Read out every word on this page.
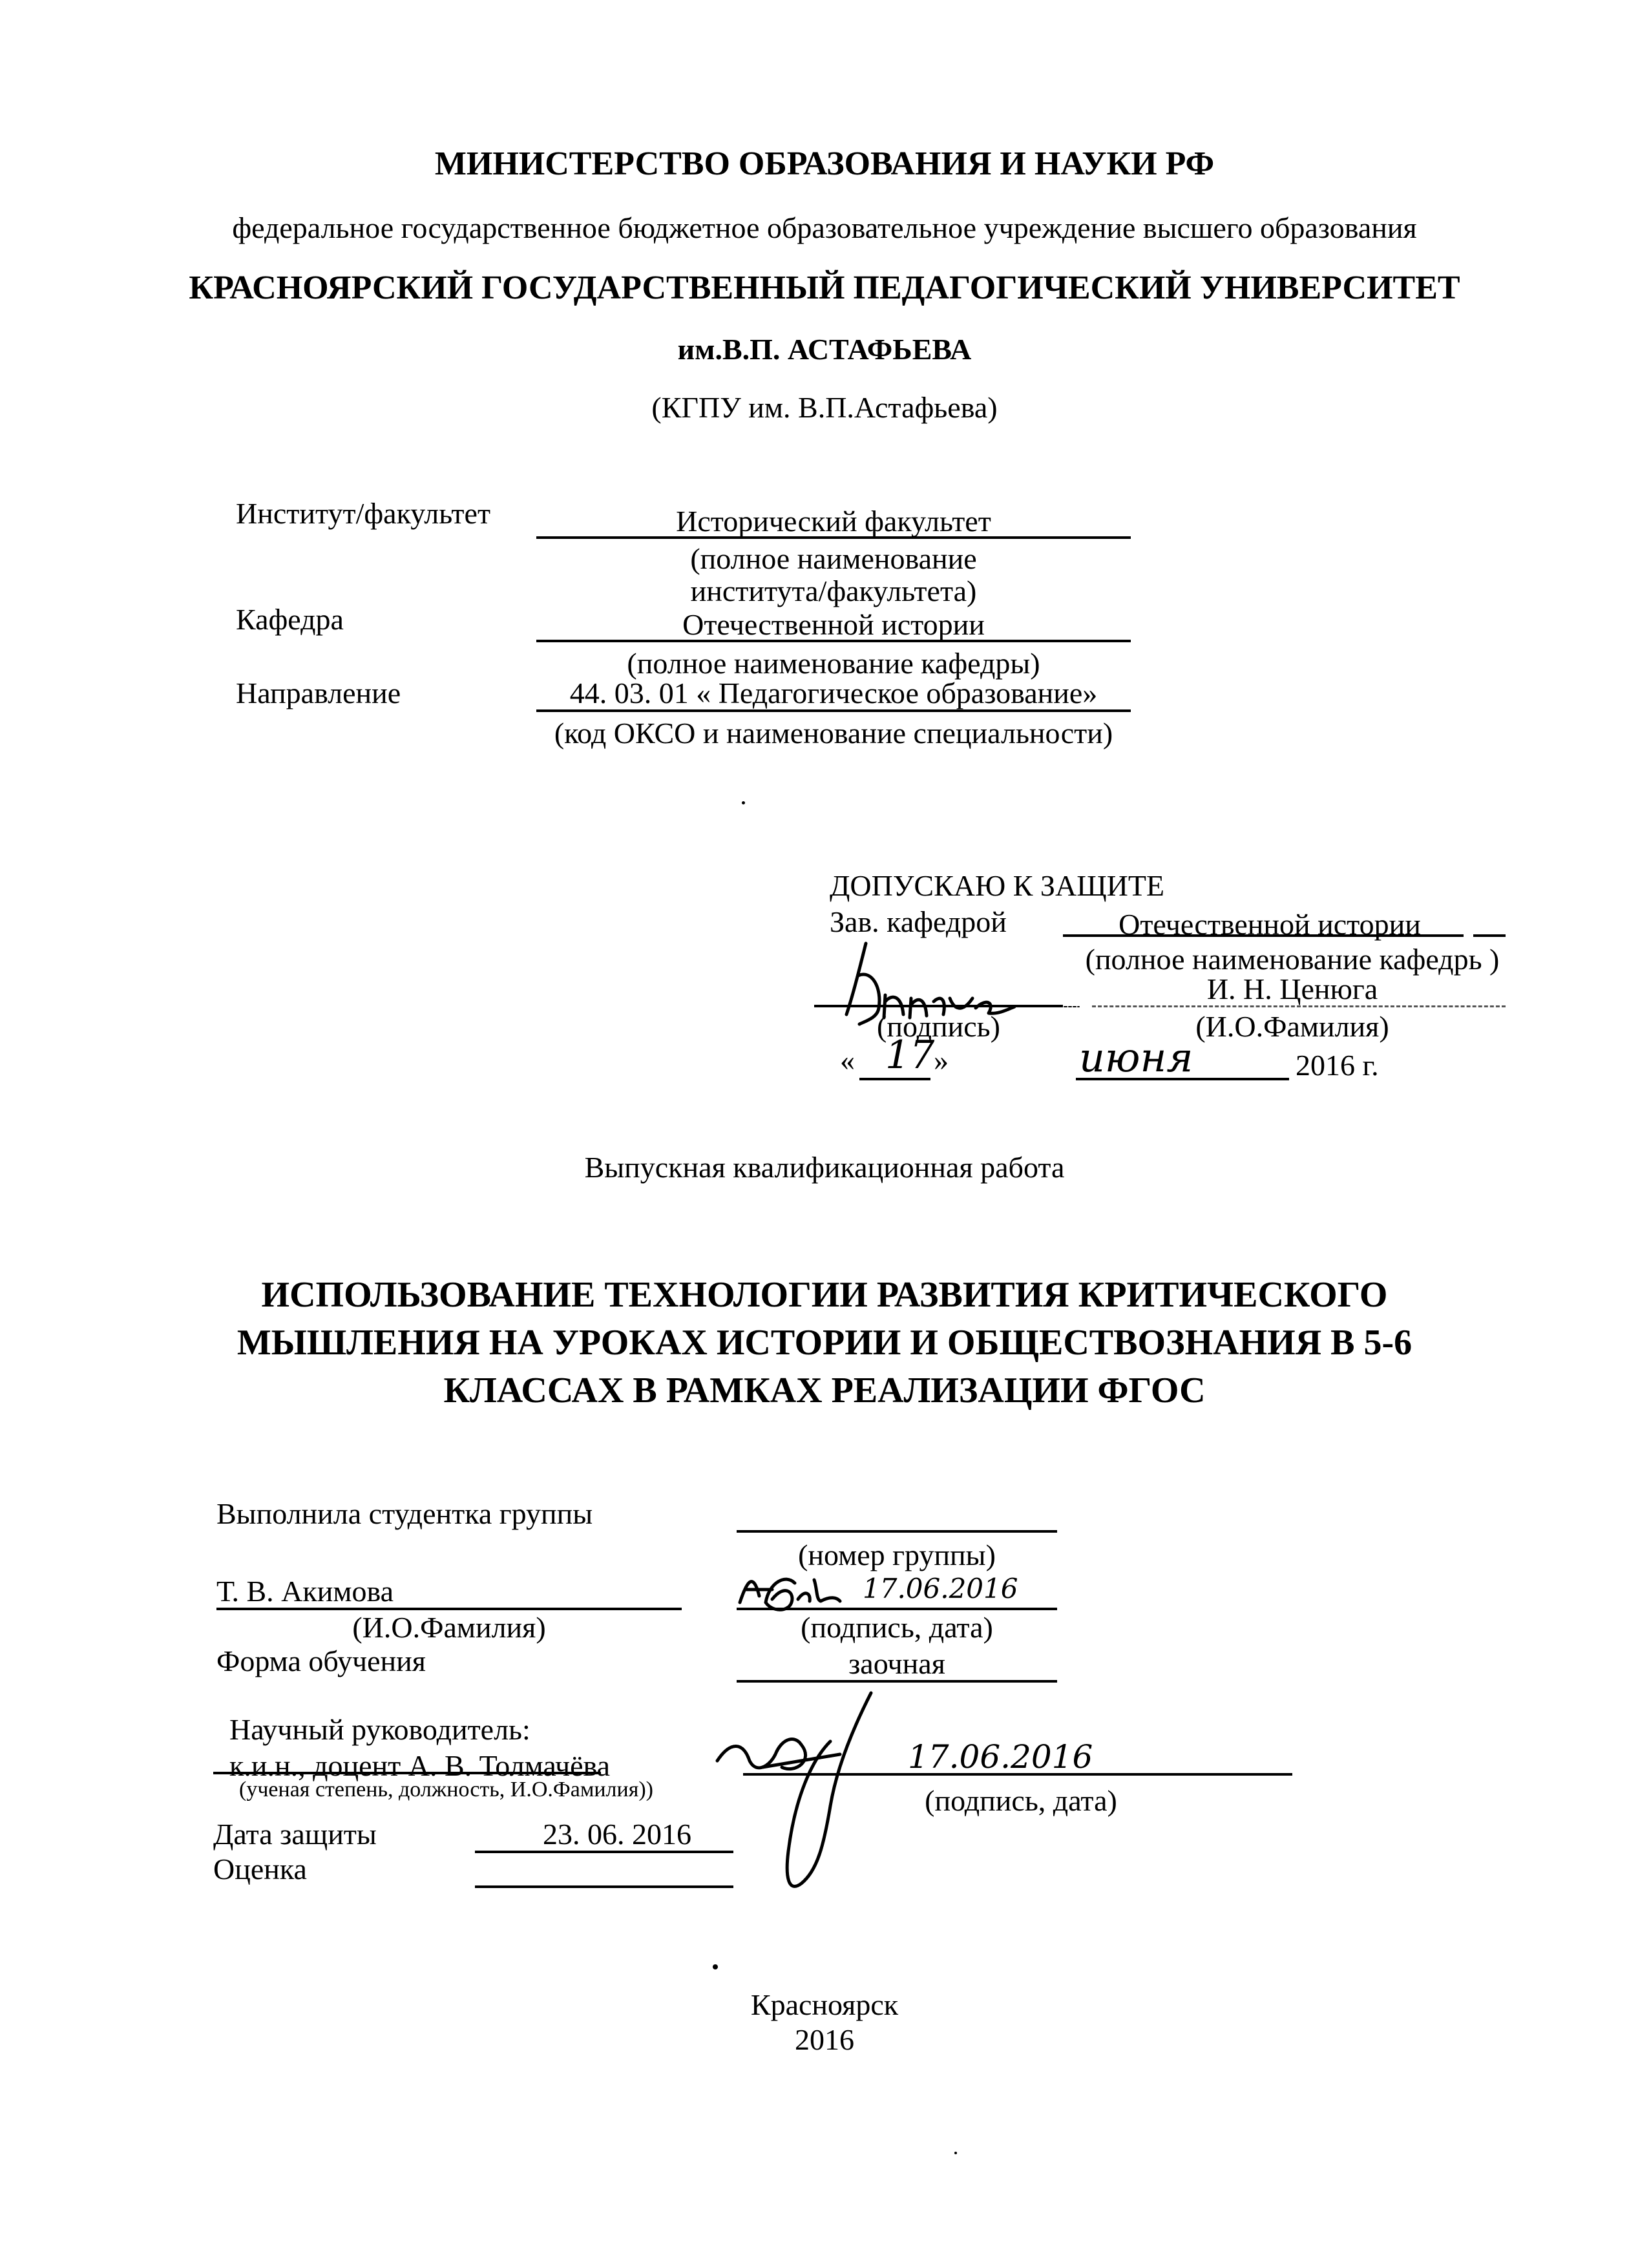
МИНИСТЕРСТВО ОБРАЗОВАНИЯ И НАУКИ РФ
федеральное государственное бюджетное образовательное учреждение высшего образования
КРАСНОЯРСКИЙ ГОСУДАРСТВЕННЫЙ ПЕДАГОГИЧЕСКИЙ УНИВЕРСИТЕТ
им.В.П. АСТАФЬЕВА
(КГПУ им. В.П.Астафьева)
Институт/факультет	Исторический факультет
(полное наименование
института/факультета)
Кафедра	Отечественной истории
(полное наименование кафедры)
Направление	44. 03. 01 « Педагогическое образование»
(код ОКСО и наименование специальности)
ДОПУСКАЮ К ЗАЩИТЕ
Зав. кафедрой	Отечественной истории
(полное наименование кафедрь )
И. Н. Ценюга
(подпись)	(И.О.Фамилия)
« 17
»	июня	2016 г.
Выпускная квалификационная работа
ИСПОЛЬЗОВАНИЕ ТЕХНОЛОГИИ РАЗВИТИЯ КРИТИЧЕСКОГО
МЫШЛЕНИЯ НА УРОКАХ ИСТОРИИ И ОБЩЕСТВОЗНАНИЯ В 5-6
КЛАССАХ В РАМКАХ РЕАЛИЗАЦИИ ФГОС
Выполнила студентка группы
(номер группы)
Т. В. Акимова
(И.О.Фамилия)
17.06.2016
(подпись, дата)
Форма обучения	заочная
Научный руководитель:
к.и.н., доцент А. В. Толмачёва
(ученая степень, должность, И.О.Фамилия))
17.06.2016
(подпись, дата)
Дата защиты	23. 06. 2016
Оценка
Красноярск
2016
